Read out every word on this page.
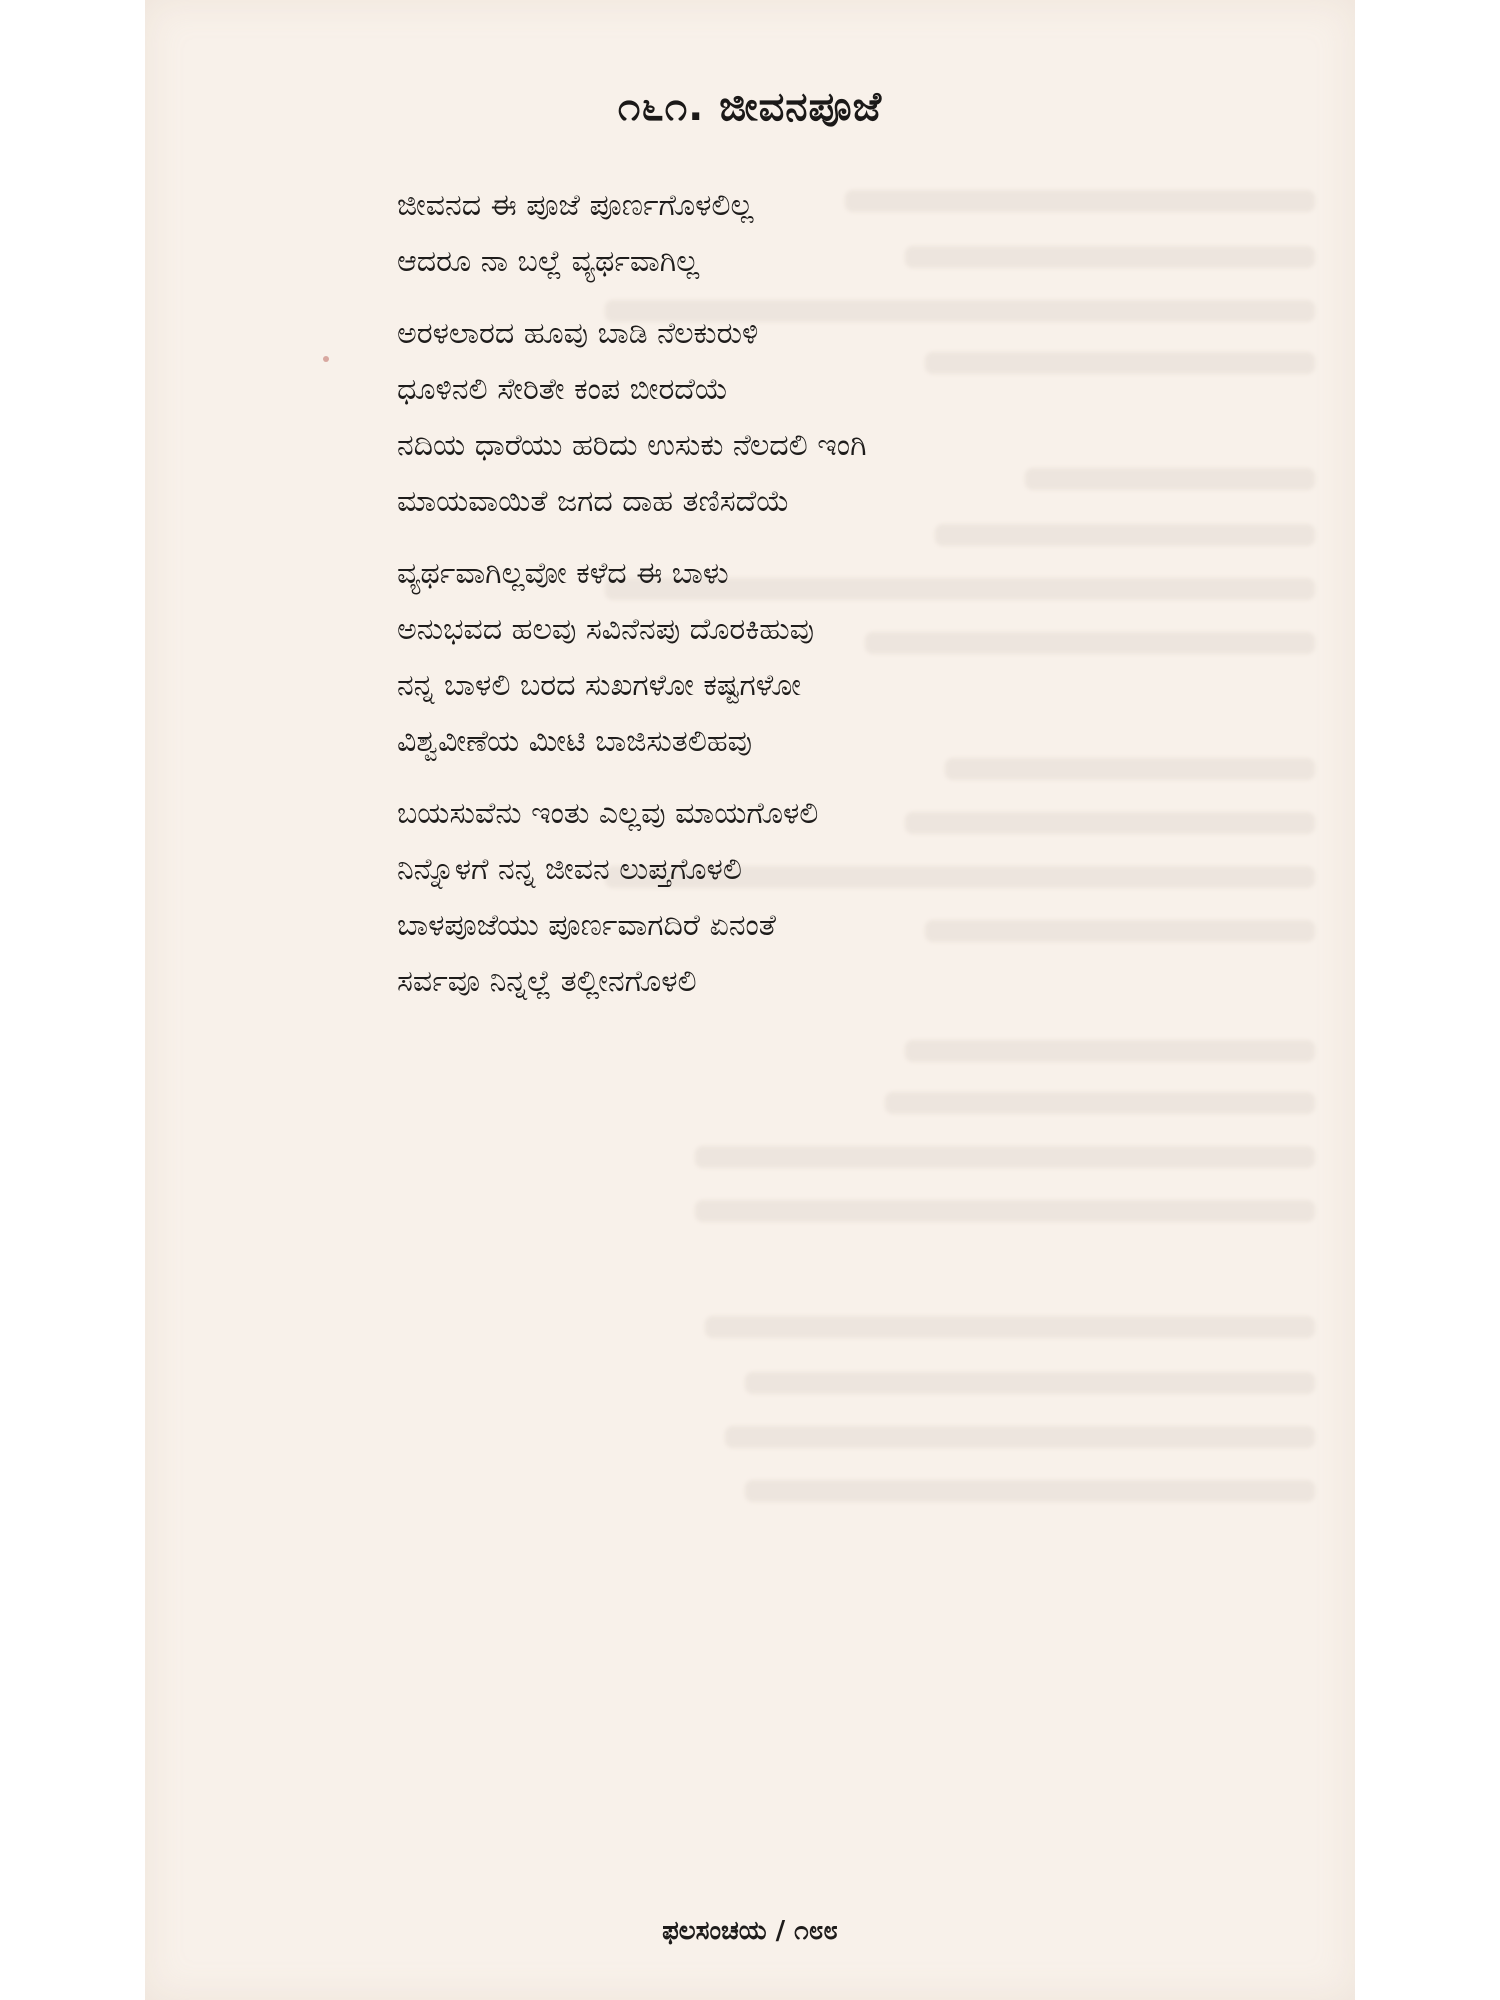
೧೬೧. ಜೀವನಪೂಜೆ
ಜೀವನದ ಈ ಪೂಜೆ ಪೂರ್ಣಗೊಳಲಿಲ್ಲ
ಆದರೂ ನಾ ಬಲ್ಲೆ ವ್ಯರ್ಥವಾಗಿಲ್ಲ
ಅರಳಲಾರದ ಹೂವು ಬಾಡಿ ನೆಲಕುರುಳಿ
ಧೂಳಿನಲಿ ಸೇರಿತೇ ಕಂಪ ಬೀರದೆಯೆ
ನದಿಯ ಧಾರೆಯು ಹರಿದು ಉಸುಕು ನೆಲದಲಿ ಇಂಗಿ
ಮಾಯವಾಯಿತೆ ಜಗದ ದಾಹ ತಣಿಸದೆಯೆ
ವ್ಯರ್ಥವಾಗಿಲ್ಲವೋ ಕಳೆದ ಈ ಬಾಳು
ಅನುಭವದ ಹಲವು ಸವಿನೆನಪು ದೊರಕಿಹುವು
ನನ್ನ ಬಾಳಲಿ ಬರದ ಸುಖಗಳೋ ಕಷ್ಟಗಳೋ
ವಿಶ್ವವೀಣೆಯ ಮೀಟಿ ಬಾಜಿಸುತಲಿಹವು
ಬಯಸುವೆನು ಇಂತು ಎಲ್ಲವು ಮಾಯಗೊಳಲಿ
ನಿನ್ನೊಳಗೆ ನನ್ನ ಜೀವನ ಲುಪ್ತಗೊಳಲಿ
ಬಾಳಪೂಜೆಯು ಪೂರ್ಣವಾಗದಿರೆ ಏನಂತೆ
ಸರ್ವವೂ ನಿನ್ನಲ್ಲೆ ತಲ್ಲೀನಗೊಳಲಿ
ಫಲಸಂಚಯ / ೧೮೮
